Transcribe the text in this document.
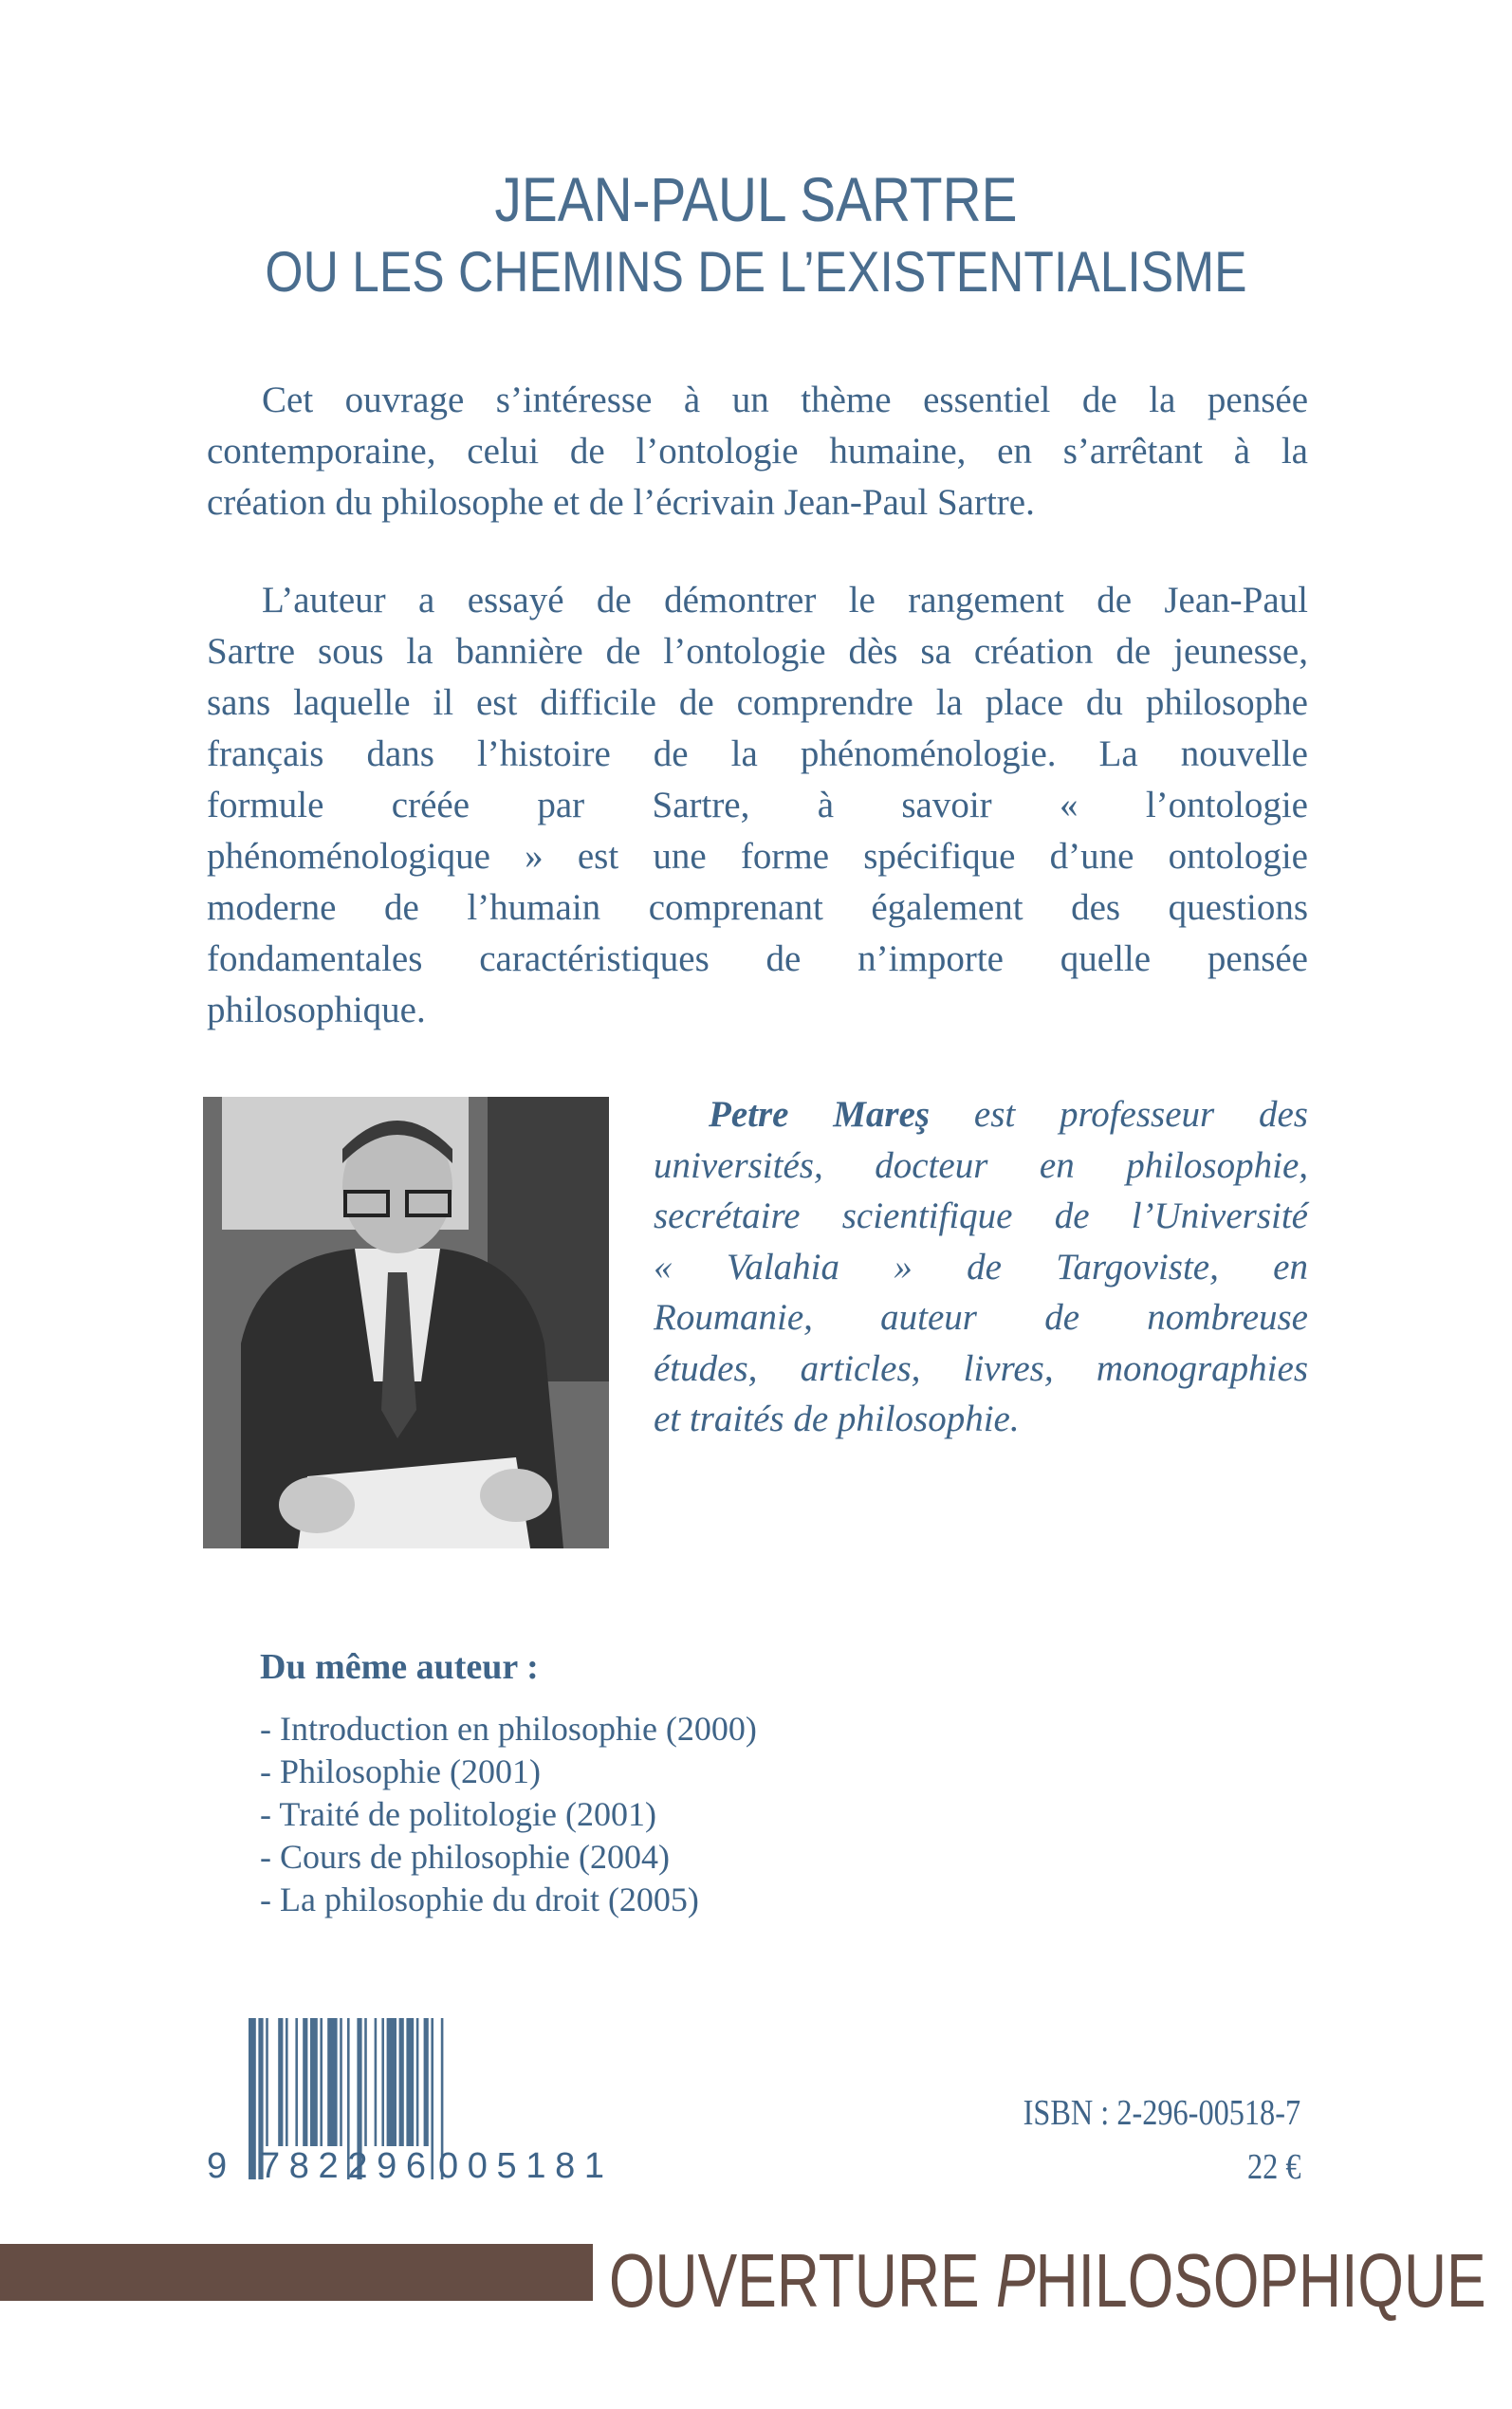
JEAN-PAUL SARTRE
OU LES CHEMINS DE L’EXISTENTIALISME
Cet ouvrage s’intéresse à un thème essentiel de la pensée
contemporaine, celui de l’ontologie humaine, en s’arrêtant à la
création du philosophe et de l’écrivain Jean-Paul Sartre.
L’auteur a essayé de démontrer le rangement de Jean-Paul
Sartre sous la bannière de l’ontologie dès sa création de jeunesse,
sans laquelle il est difficile de comprendre la place du philosophe
français dans l’histoire de la phénoménologie. La nouvelle
formule créée par Sartre, à savoir « l’ontologie
phénoménologique » est une forme spécifique d’une ontologie
moderne de l’humain comprenant également des questions
fondamentales caractéristiques de n’importe quelle pensée
philosophique.
Petre Mareş est professeur des
universités, docteur en philosophie,
secrétaire scientifique de l’Université
« Valahia » de Targoviste, en
Roumanie, auteur de nombreuse
études, articles, livres, monographies
et traités de philosophie.
Du même auteur :
- Introduction en philosophie (2000)
- Philosophie (2001)
- Traité de politologie (2001)
- Cours de philosophie (2004)
- La philosophie du droit (2005)
9 782296 005181
ISBN : 2-296-00518-7
22 €
OUVERTURE PHILOSOPHIQUE
